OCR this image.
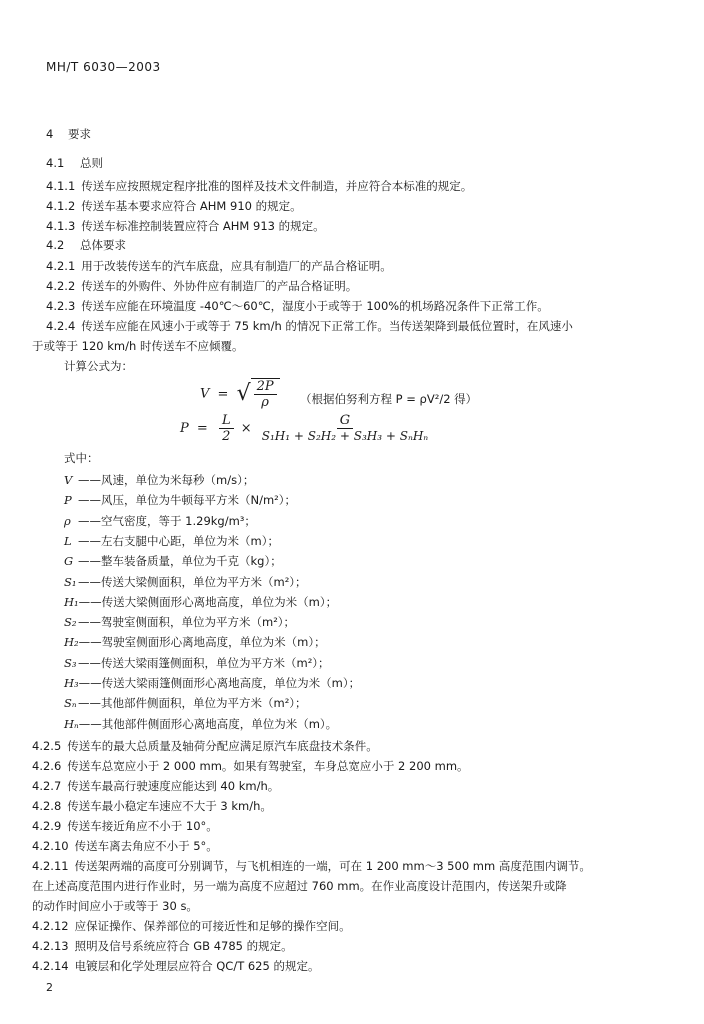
MH/T 6030—2003
4 要求
4.1 总则
4.1.1 传送车应按照规定程序批准的图样及技术文件制造，并应符合本标准的规定。
4.1.2 传送车基本要求应符合 AHM 910 的规定。
4.1.3 传送车标准控制装置应符合 AHM 913 的规定。
4.2 总体要求
4.2.1 用于改装传送车的汽车底盘，应具有制造厂的产品合格证明。
4.2.2 传送车的外购件、外协件应有制造厂的产品合格证明。
4.2.3 传送车应能在环境温度 -40℃～60℃，湿度小于或等于 100%的机场路况条件下正常工作。
4.2.4 传送车应能在风速小于或等于 75 km/h 的情况下正常工作。当传送架降到最低位置时，在风速小
于或等于 120 km/h 时传送车不应倾覆。
计算公式为：
V = √ $\frac{2P}{\rho}$ （根据伯努利方程 P = ρV²/2 得）
$P = \frac{L}{2} \times \frac{G}{\text{S₁H₁ + S₂H₂ + S₃H₃ + SₙHₙ}}$
式中：
V ——风速，单位为米每秒（m/s）；
P ——风压，单位为牛顿每平方米（N/m²）；
ρ ——空气密度，等于 1.29kg/m³；
L ——左右支腿中心距，单位为米（m）；
G ——整车装备质量，单位为千克（kg）；
S₁ ——传送大梁侧面积，单位为平方米（m²）；
H₁——传送大梁侧面形心离地高度，单位为米（m）；
S₂ ——驾驶室侧面积，单位为平方米（m²）；
H₂——驾驶室侧面形心离地高度，单位为米（m）；
S₃ ——传送大梁雨篷侧面积，单位为平方米（m²）；
H₃——传送大梁雨篷侧面形心离地高度，单位为米（m）；
Sₙ——其他部件侧面积，单位为平方米（m²）；
Hₙ——其他部件侧面形心离地高度，单位为米（m）。
4.2.5 传送车的最大总质量及轴荷分配应满足原汽车底盘技术条件。
4.2.6 传送车总宽应小于 2 000 mm。如果有驾驶室，车身总宽应小于 2 200 mm。
4.2.7 传送车最高行驶速度应能达到 40 km/h。
4.2.8 传送车最小稳定车速应不大于 3 km/h。
4.2.9 传送车接近角应不小于 10°。
4.2.10 传送车离去角应不小于 5°。
4.2.11 传送架两端的高度可分别调节，与飞机相连的一端，可在 1 200 mm～3 500 mm 高度范围内调节。
在上述高度范围内进行作业时，另一端为高度不应超过 760 mm。在作业高度设计范围内，传送架升或降
的动作时间应小于或等于 30 s。
4.2.12 应保证操作、保养部位的可接近性和足够的操作空间。
4.2.13 照明及信号系统应符合 GB 4785 的规定。
4.2.14 电镀层和化学处理层应符合 QC/T 625 的规定。
2
